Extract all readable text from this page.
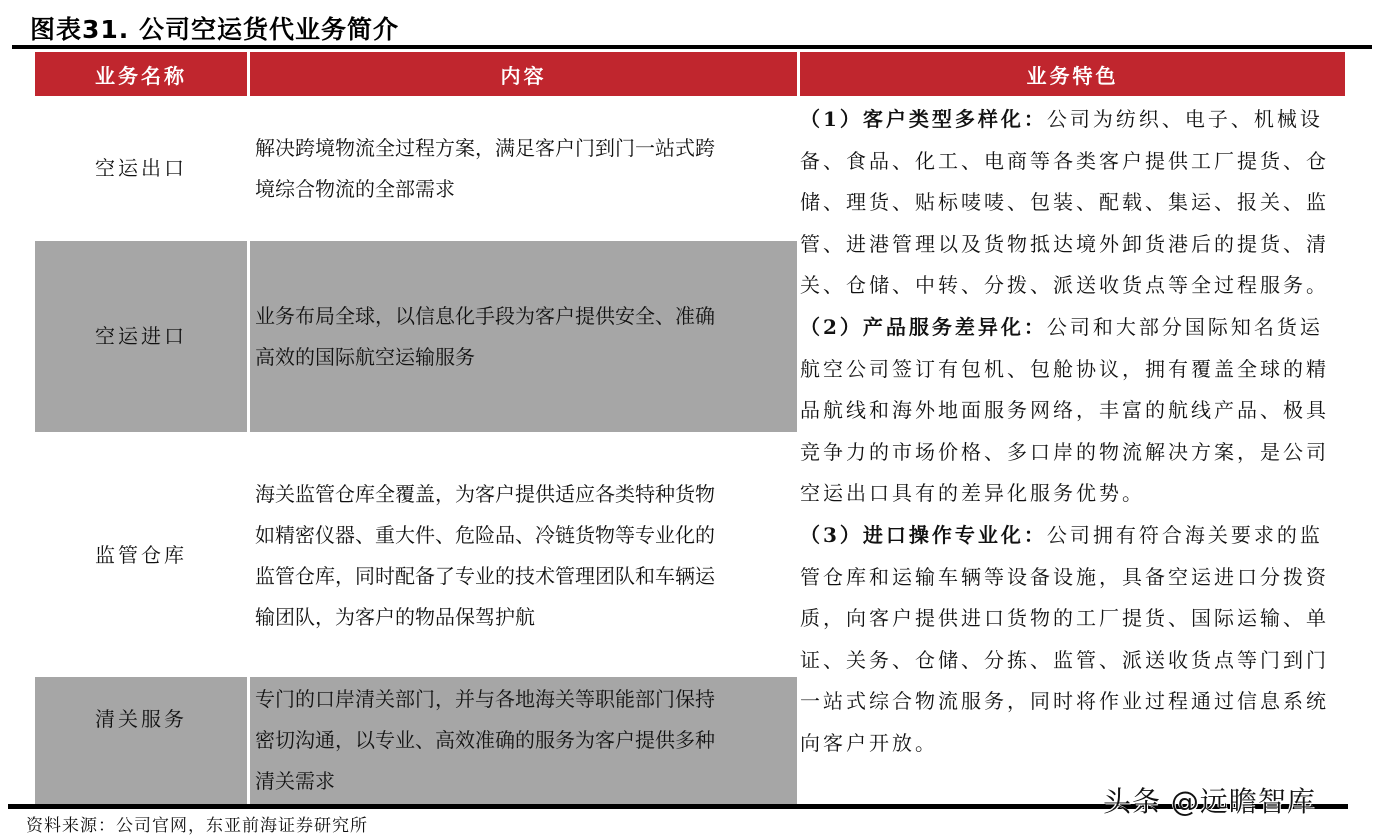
图表31. 公司空运货代业务简介
业务名称	内容	业务特色
空运出口
解决跨境物流全过程方案，满足客户门到门一站式跨
境综合物流的全部需求
空运进口
业务布局全球，以信息化手段为客户提供安全、准确
高效的国际航空运输服务
监管仓库
海关监管仓库全覆盖，为客户提供适应各类特种货物
如精密仪器、重大件、危险品、冷链货物等专业化的
监管仓库，同时配备了专业的技术管理团队和车辆运
输团队，为客户的物品保驾护航
清关服务
专门的口岸清关部门，并与各地海关等职能部门保持
密切沟通，以专业、高效准确的服务为客户提供多种
清关需求

（1）客户类型多样化：公司为纺织、电子、机械设备、食品、化工、电商等各类客户提供工厂提货、仓储、理货、贴标唛唛、包装、配载、集运、报关、监管、进港管理以及货物抵达境外卸货港后的提货、清关、仓储、中转、分拨、派送收货点等全过程服务。

（2）产品服务差异化：公司和大部分国际知名货运航空公司签订有包机、包舱协议，拥有覆盖全球的精品航线和海外地面服务网络，丰富的航线产品、极具竞争力的市场价格、多口岸的物流解决方案，是公司空运出口具有的差异化服务优势。

（3）进口操作专业化：公司拥有符合海关要求的监管仓库和运输车辆等设备设施，具备空运进口分拨资质，向客户提供进口货物的工厂提货、国际运输、单证、关务、仓储、分拣、监管、派送收货点等门到门一站式综合物流服务，同时将作业过程通过信息系统向客户开放。

资料来源：公司官网，东亚前海证券研究所
头条 @远瞻智库
